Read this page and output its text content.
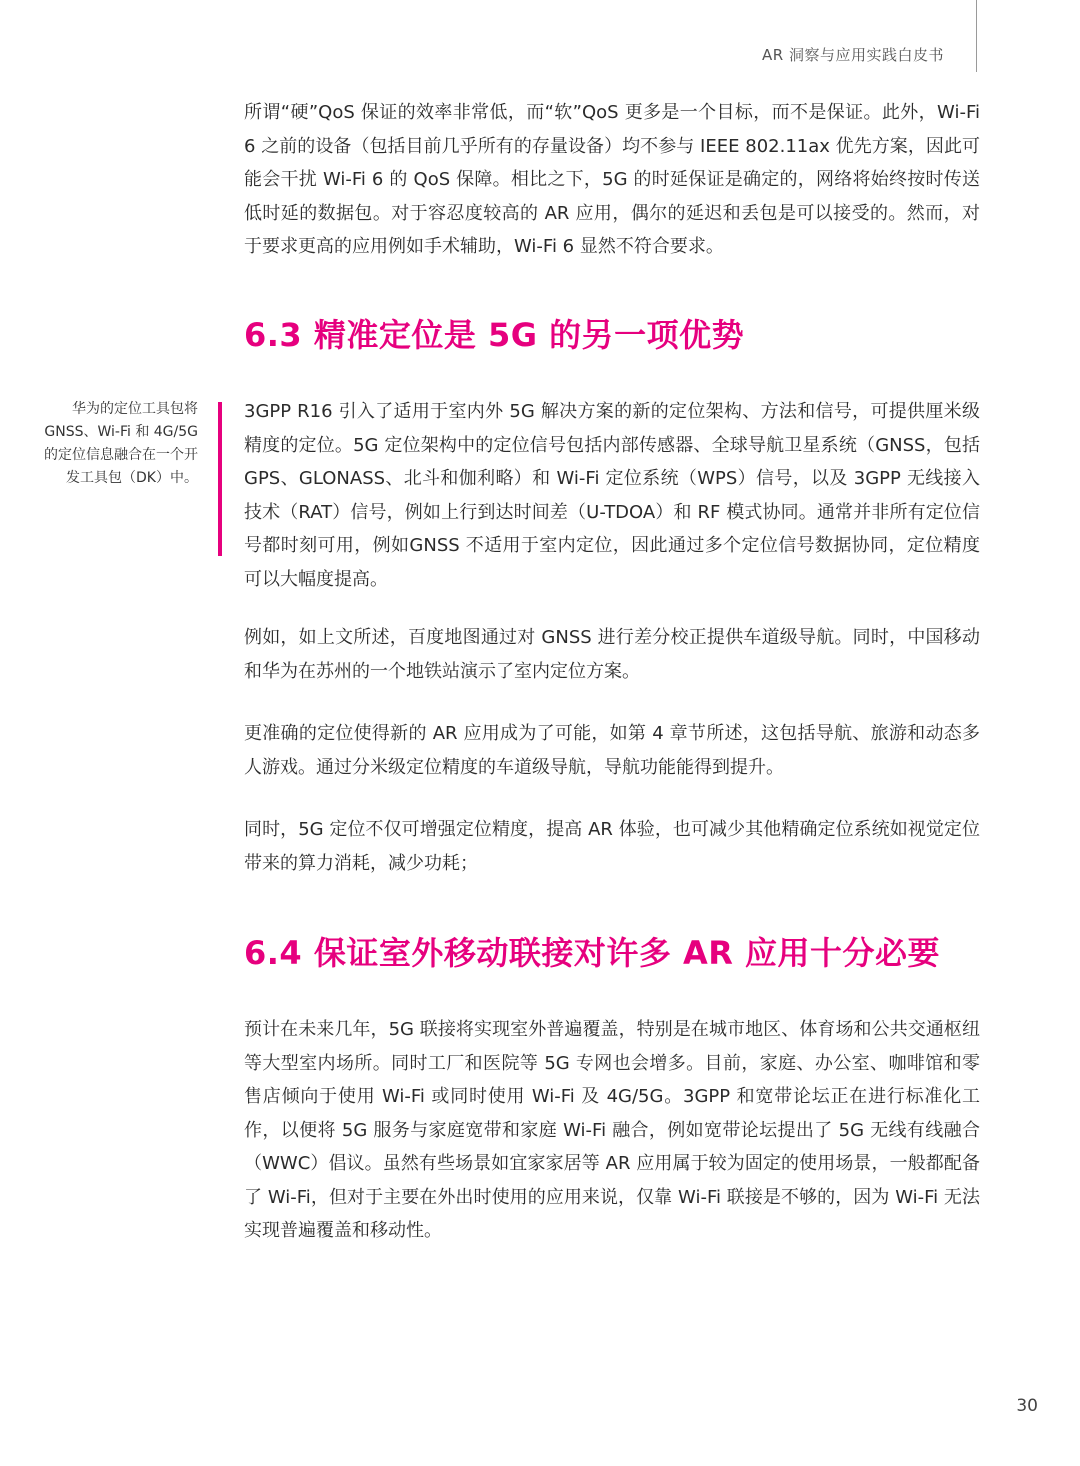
AR 洞察与应用实践白皮书

所谓“硬”QoS 保证的效率非常低，而“软”QoS 更多是一个目标，而不是保证。此外，Wi-Fi 6 之前的设备（包括目前几乎所有的存量设备）均不参与 IEEE 802.11ax 优先方案，因此可能会干扰 Wi-Fi 6 的 QoS 保障。相比之下，5G 的时延保证是确定的，网络将始终按时传送低时延的数据包。对于容忍度较高的 AR 应用，偶尔的延迟和丢包是可以接受的。然而，对于要求更高的应用例如手术辅助，Wi-Fi 6 显然不符合要求。

6.3 精准定位是 5G 的另一项优势
华为的定位工具包将 GNSS、Wi-Fi 和 4G/5G 的定位信息融合在一个开发工具包（DK）中。

3GPP R16 引入了适用于室内外 5G 解决方案的新的定位架构、方法和信号，可提供厘米级精度的定位。5G 定位架构中的定位信号包括内部传感器、全球导航卫星系统（GNSS，包括 GPS、GLONASS、北斗和伽利略）和 Wi-Fi 定位系统（WPS）信号，以及 3GPP 无线接入技术（RAT）信号，例如上行到达时间差（U-TDOA）和 RF 模式协同。通常并非所有定位信号都时刻可用，例如GNSS 不适用于室内定位，因此通过多个定位信号数据协同，定位精度可以大幅度提高。

例如，如上文所述，百度地图通过对 GNSS 进行差分校正提供车道级导航。同时，中国移动和华为在苏州的一个地铁站演示了室内定位方案。

更准确的定位使得新的 AR 应用成为了可能，如第 4 章节所述，这包括导航、旅游和动态多人游戏。通过分米级定位精度的车道级导航，导航功能能得到提升。

同时，5G 定位不仅可增强定位精度，提高 AR 体验，也可减少其他精确定位系统如视觉定位带来的算力消耗，减少功耗；

6.4 保证室外移动联接对许多 AR 应用十分必要

预计在未来几年，5G 联接将实现室外普遍覆盖，特别是在城市地区、体育场和公共交通枢纽等大型室内场所。同时工厂和医院等 5G 专网也会增多。目前，家庭、办公室、咖啡馆和零售店倾向于使用 Wi-Fi 或同时使用 Wi-Fi 及 4G/5G。3GPP 和宽带论坛正在进行标准化工作，以便将 5G 服务与家庭宽带和家庭 Wi-Fi 融合，例如宽带论坛提出了 5G 无线有线融合（WWC）倡议。虽然有些场景如宜家家居等 AR 应用属于较为固定的使用场景，一般都配备了 Wi-Fi，但对于主要在外出时使用的应用来说，仅靠 Wi-Fi 联接是不够的，因为 Wi-Fi 无法实现普遍覆盖和移动性。

30
